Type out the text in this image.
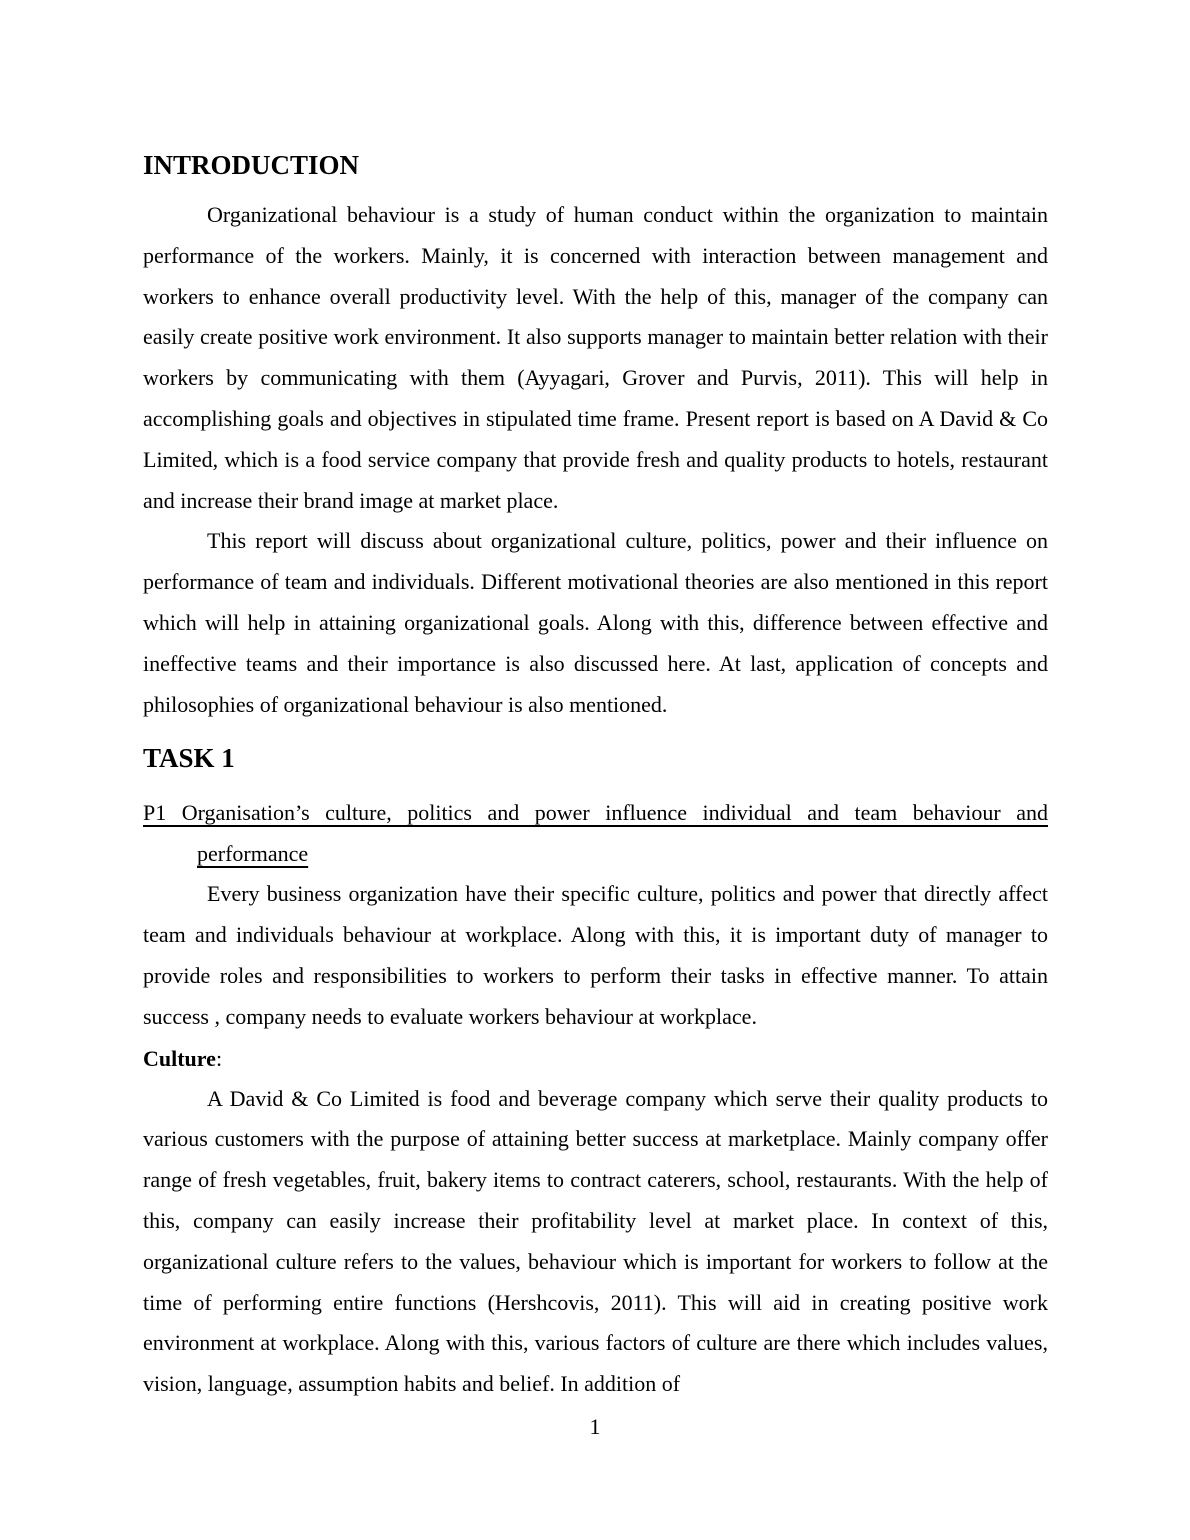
INTRODUCTION

Organizational behaviour is a study of human conduct within the organization to maintain performance of the workers. Mainly, it is concerned with interaction between management and workers to enhance overall productivity level. With the help of this, manager of the company can easily create positive work environment. It also supports manager to maintain better relation with their workers by communicating with them (Ayyagari, Grover and Purvis, 2011). This will help in accomplishing goals and objectives in stipulated time frame. Present report is based on A David & Co Limited, which is a food service company that provide fresh and quality products to hotels, restaurant and increase their brand image at market place.

This report will discuss about organizational culture, politics, power and their influence on performance of team and individuals. Different motivational theories are also mentioned in this report which will help in attaining organizational goals. Along with this, difference between effective and ineffective teams and their importance is also discussed here. At last, application of concepts and philosophies of organizational behaviour is also mentioned.

TASK 1
P1 Organisation’s culture, politics and power influence individual and team behaviour and performance

Every business organization have their specific culture, politics and power that directly affect team and individuals behaviour at workplace. Along with this, it is important duty of manager to provide roles and responsibilities to workers to perform their tasks in effective manner. To attain success , company needs to evaluate workers behaviour at workplace.

Culture:

A David & Co Limited is food and beverage company which serve their quality products to various customers with the purpose of attaining better success at marketplace. Mainly company offer range of fresh vegetables, fruit, bakery items to contract caterers, school, restaurants. With the help of this, company can easily increase their profitability level at market place. In context of this, organizational culture refers to the values, behaviour which is important for workers to follow at the time of performing entire functions (Hershcovis, 2011). This will aid in creating positive work environment at workplace. Along with this, various factors of culture are there which includes values, vision, language, assumption habits and belief. In addition of

1
